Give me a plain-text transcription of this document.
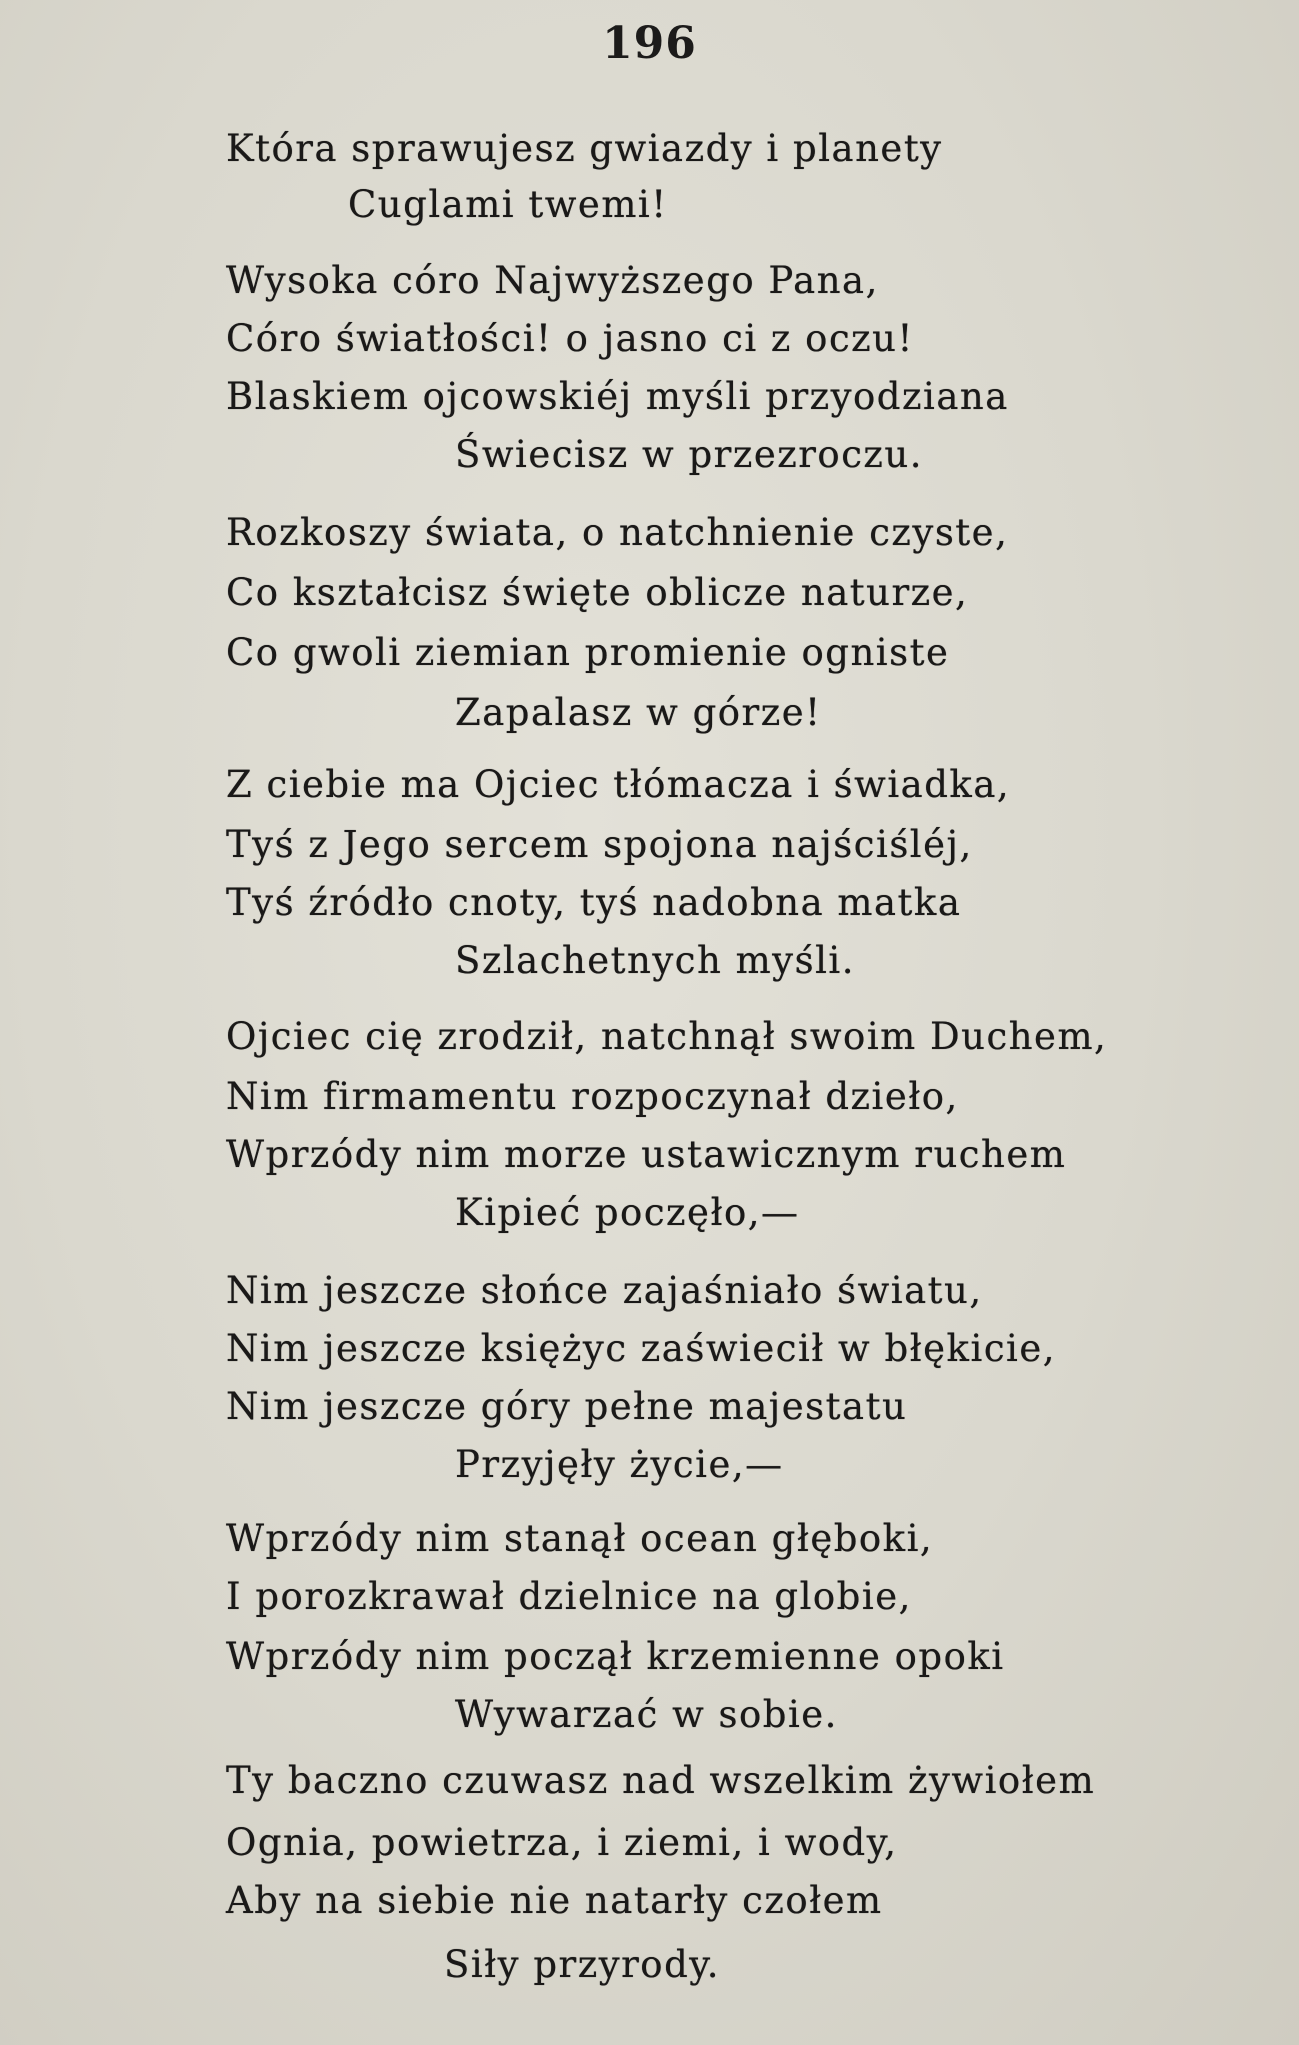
196
Która sprawujesz gwiazdy i planety
Cuglami twemi!
Wysoka córo Najwyższego Pana,
Córo światłości! o jasno ci z oczu!
Blaskiem ojcowskiéj myśli przyodziana
Świecisz w przezroczu.
Rozkoszy świata, o natchnienie czyste,
Co kształcisz święte oblicze naturze,
Co gwoli ziemian promienie ogniste
Zapalasz w górze!
Z ciebie ma Ojciec tłómacza i świadka,
Tyś z Jego sercem spojona najściśléj,
Tyś źródło cnoty, tyś nadobna matka
Szlachetnych myśli.
Ojciec cię zrodził, natchnął swoim Duchem,
Nim firmamentu rozpoczynał dzieło,
Wprzódy nim morze ustawicznym ruchem
Kipieć poczęło,—
Nim jeszcze słońce zajaśniało światu,
Nim jeszcze księżyc zaświecił w błękicie,
Nim jeszcze góry pełne majestatu
Przyjęły życie,—
Wprzódy nim stanął ocean głęboki,
I porozkrawał dzielnice na globie,
Wprzódy nim począł krzemienne opoki
Wywarzać w sobie.
Ty baczno czuwasz nad wszelkim żywiołem
Ognia, powietrza, i ziemi, i wody,
Aby na siebie nie natarły czołem
Siły przyrody.
